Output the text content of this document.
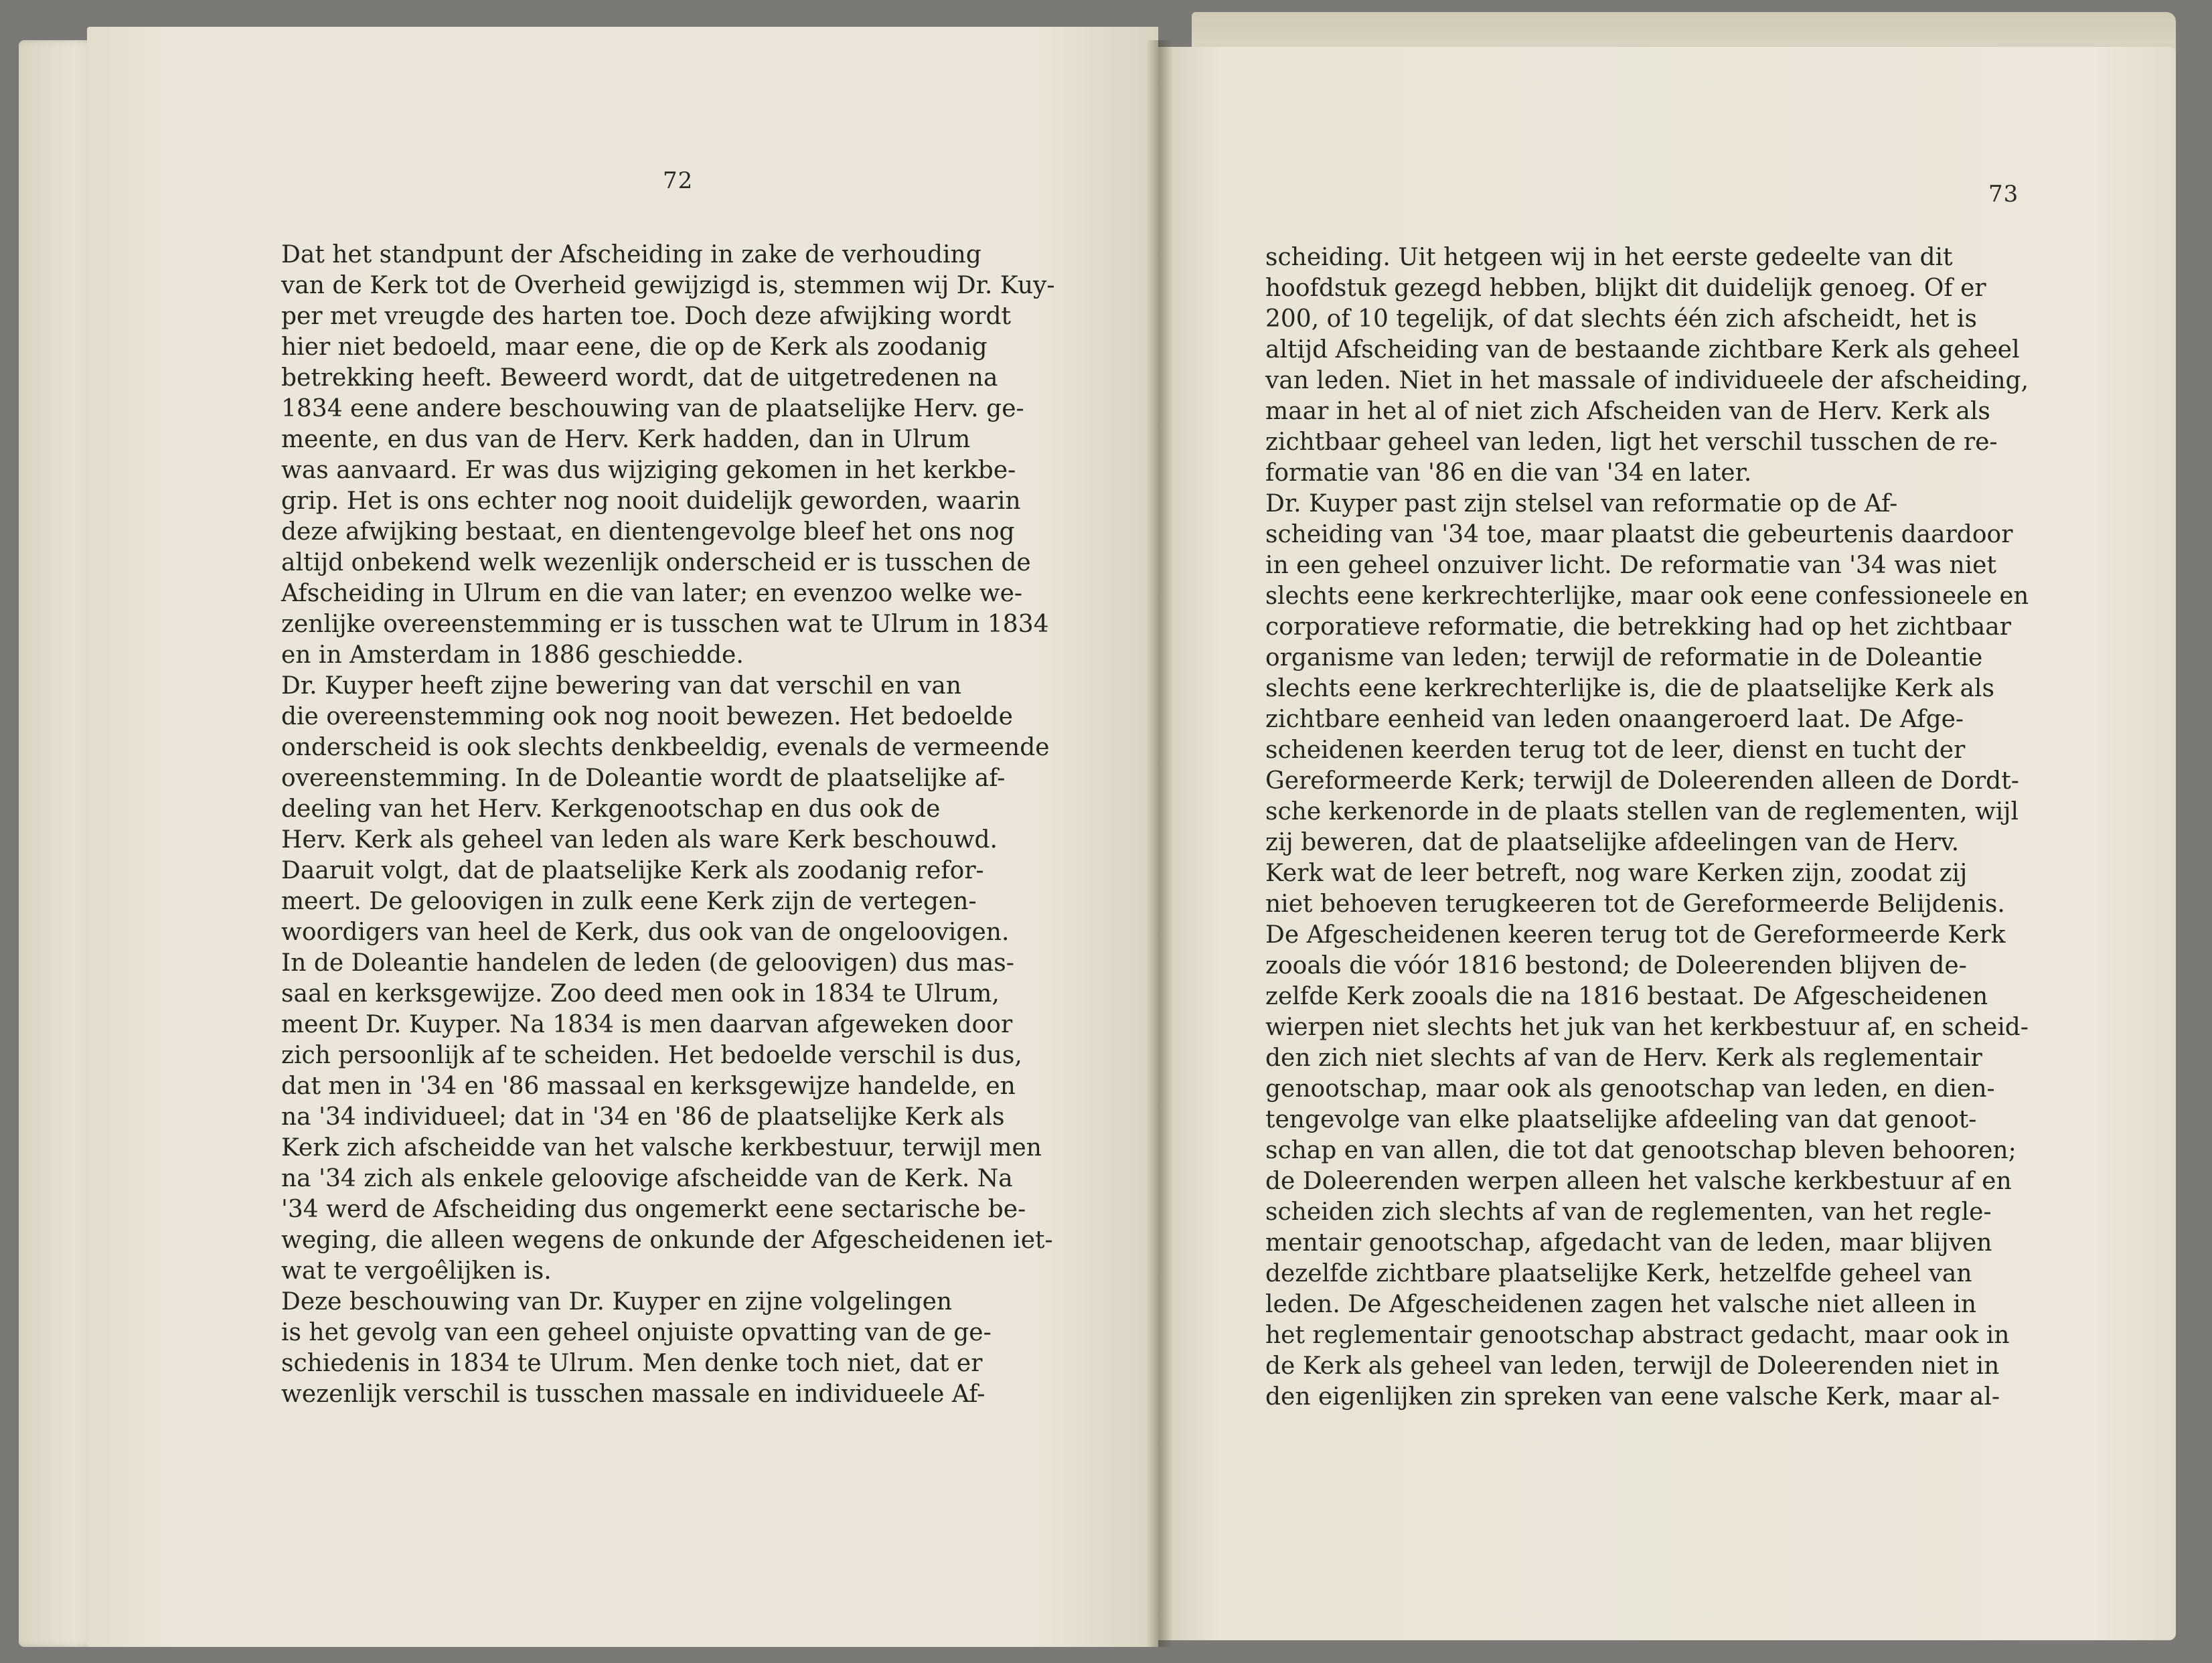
72
Dat het standpunt der Afscheiding in zake de verhouding
van de Kerk tot de Overheid gewijzigd is, stemmen wij Dr. Kuy-
per met vreugde des harten toe. Doch deze afwijking wordt
hier niet bedoeld, maar eene, die op de Kerk als zoodanig
betrekking heeft. Beweerd wordt, dat de uitgetredenen na
1834 eene andere beschouwing van de plaatselijke Herv. ge-
meente, en dus van de Herv. Kerk hadden, dan in Ulrum
was aanvaard. Er was dus wijziging gekomen in het kerkbe-
grip. Het is ons echter nog nooit duidelijk geworden, waarin
deze afwijking bestaat, en dientengevolge bleef het ons nog
altijd onbekend welk wezenlijk onderscheid er is tusschen de
Afscheiding in Ulrum en die van later; en evenzoo welke we-
zenlijke overeenstemming er is tusschen wat te Ulrum in 1834
en in Amsterdam in 1886 geschiedde.
Dr. Kuyper heeft zijne bewering van dat verschil en van
die overeenstemming ook nog nooit bewezen. Het bedoelde
onderscheid is ook slechts denkbeeldig, evenals de vermeende
overeenstemming. In de Doleantie wordt de plaatselijke af-
deeling van het Herv. Kerkgenootschap en dus ook de
Herv. Kerk als geheel van leden als ware Kerk beschouwd.
Daaruit volgt, dat de plaatselijke Kerk als zoodanig refor-
meert. De geloovigen in zulk eene Kerk zijn de vertegen-
woordigers van heel de Kerk, dus ook van de ongeloovigen.
In de Doleantie handelen de leden (de geloovigen) dus mas-
saal en kerksgewijze. Zoo deed men ook in 1834 te Ulrum,
meent Dr. Kuyper. Na 1834 is men daarvan afgeweken door
zich persoonlijk af te scheiden. Het bedoelde verschil is dus,
dat men in '34 en '86 massaal en kerksgewijze handelde, en
na '34 individueel; dat in '34 en '86 de plaatselijke Kerk als
Kerk zich afscheidde van het valsche kerkbestuur, terwijl men
na '34 zich als enkele geloovige afscheidde van de Kerk. Na
'34 werd de Afscheiding dus ongemerkt eene sectarische be-
weging, die alleen wegens de onkunde der Afgescheidenen iet-
wat te vergoêlijken is.
Deze beschouwing van Dr. Kuyper en zijne volgelingen
is het gevolg van een geheel onjuiste opvatting van de ge-
schiedenis in 1834 te Ulrum. Men denke toch niet, dat er
wezenlijk verschil is tusschen massale en individueele Af-
73
scheiding. Uit hetgeen wij in het eerste gedeelte van dit
hoofdstuk gezegd hebben, blijkt dit duidelijk genoeg. Of er
200, of 10 tegelijk, of dat slechts één zich afscheidt, het is
altijd Afscheiding van de bestaande zichtbare Kerk als geheel
van leden. Niet in het massale of individueele der afscheiding,
maar in het al of niet zich Afscheiden van de Herv. Kerk als
zichtbaar geheel van leden, ligt het verschil tusschen de re-
formatie van '86 en die van '34 en later.
Dr. Kuyper past zijn stelsel van reformatie op de Af-
scheiding van '34 toe, maar plaatst die gebeurtenis daardoor
in een geheel onzuiver licht. De reformatie van '34 was niet
slechts eene kerkrechterlijke, maar ook eene confessioneele en
corporatieve reformatie, die betrekking had op het zichtbaar
organisme van leden; terwijl de reformatie in de Doleantie
slechts eene kerkrechterlijke is, die de plaatselijke Kerk als
zichtbare eenheid van leden onaangeroerd laat. De Afge-
scheidenen keerden terug tot de leer, dienst en tucht der
Gereformeerde Kerk; terwijl de Doleerenden alleen de Dordt-
sche kerkenorde in de plaats stellen van de reglementen, wijl
zij beweren, dat de plaatselijke afdeelingen van de Herv.
Kerk wat de leer betreft, nog ware Kerken zijn, zoodat zij
niet behoeven terugkeeren tot de Gereformeerde Belijdenis.
De Afgescheidenen keeren terug tot de Gereformeerde Kerk
zooals die vóór 1816 bestond; de Doleerenden blijven de-
zelfde Kerk zooals die na 1816 bestaat. De Afgescheidenen
wierpen niet slechts het juk van het kerkbestuur af, en scheid-
den zich niet slechts af van de Herv. Kerk als reglementair
genootschap, maar ook als genootschap van leden, en dien-
tengevolge van elke plaatselijke afdeeling van dat genoot-
schap en van allen, die tot dat genootschap bleven behooren;
de Doleerenden werpen alleen het valsche kerkbestuur af en
scheiden zich slechts af van de reglementen, van het regle-
mentair genootschap, afgedacht van de leden, maar blijven
dezelfde zichtbare plaatselijke Kerk, hetzelfde geheel van
leden. De Afgescheidenen zagen het valsche niet alleen in
het reglementair genootschap abstract gedacht, maar ook in
de Kerk als geheel van leden, terwijl de Doleerenden niet in
den eigenlijken zin spreken van eene valsche Kerk, maar al-
